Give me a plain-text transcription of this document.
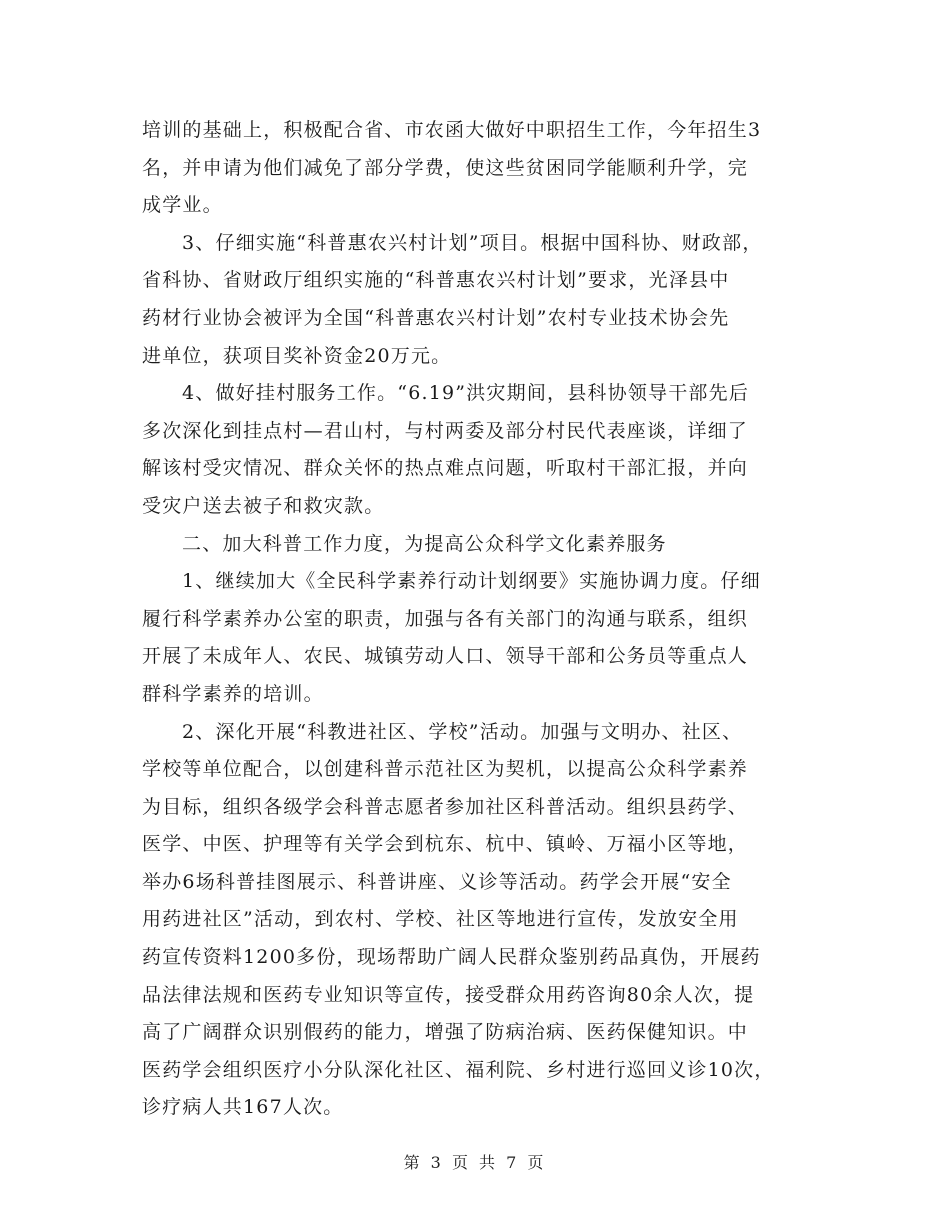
培训的基础上，积极配合省、市农函大做好中职招生工作，今年招生3
名，并申请为他们减免了部分学费，使这些贫困同学能顺利升学，完
成学业。
3、仔细实施“科普惠农兴村计划”项目。根据中国科协、财政部，
省科协、省财政厅组织实施的“科普惠农兴村计划”要求，光泽县中
药材行业协会被评为全国“科普惠农兴村计划”农村专业技术协会先
进单位，获项目奖补资金20万元。
4、做好挂村服务工作。“6.19”洪灾期间，县科协领导干部先后
多次深化到挂点村—君山村，与村两委及部分村民代表座谈，详细了
解该村受灾情况、群众关怀的热点难点问题，听取村干部汇报，并向
受灾户送去被子和救灾款。
二、加大科普工作力度，为提高公众科学文化素养服务
1、继续加大《全民科学素养行动计划纲要》实施协调力度。仔细
履行科学素养办公室的职责，加强与各有关部门的沟通与联系，组织
开展了未成年人、农民、城镇劳动人口、领导干部和公务员等重点人
群科学素养的培训。
2、深化开展“科教进社区、学校”活动。加强与文明办、社区、
学校等单位配合，以创建科普示范社区为契机，以提高公众科学素养
为目标，组织各级学会科普志愿者参加社区科普活动。组织县药学、
医学、中医、护理等有关学会到杭东、杭中、镇岭、万福小区等地，
举办6场科普挂图展示、科普讲座、义诊等活动。药学会开展“安全
用药进社区”活动，到农村、学校、社区等地进行宣传，发放安全用
药宣传资料1200多份，现场帮助广阔人民群众鉴别药品真伪，开展药
品法律法规和医药专业知识等宣传，接受群众用药咨询80余人次，提
高了广阔群众识别假药的能力，增强了防病治病、医药保健知识。中
医药学会组织医疗小分队深化社区、福利院、乡村进行巡回义诊10次，
诊疗病人共167人次。
第 3 页 共 7 页
